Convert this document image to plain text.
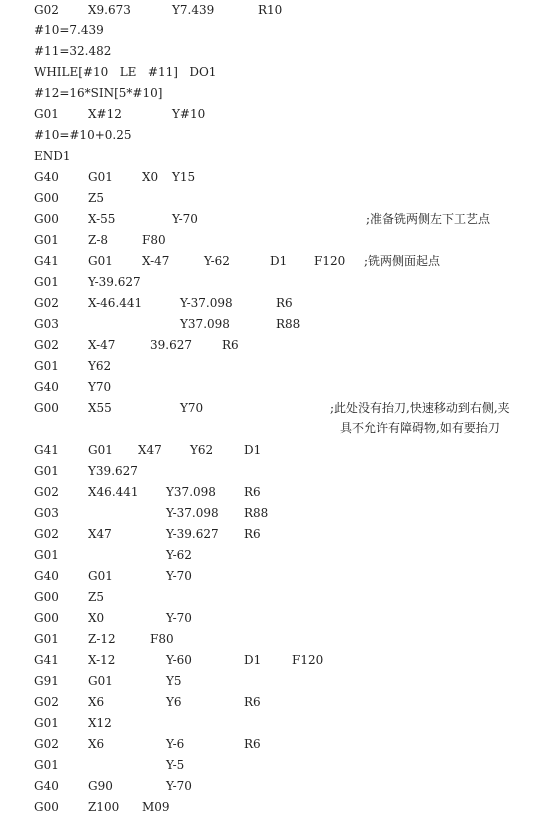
G02 X9.673	Y7.439	R10
#10=7.439
#11=32.482
WHILE[#10   LE   #11]   DO1
#12=16*SIN[5*#10]
G01 X#12	Y#10
#10=#10+0.25
END1
G40 G01 X0 Y15
G00 Z5
G00 X-55	Y-70	;准备铣两侧左下工艺点
G01 Z-8	F80
G41 G01 X-47	Y-62	D1 F120 ;铣两侧面起点
G01 Y-39.627
G02 X-46.441	Y-37.098	R6
G03	Y37.098	R88
G02 X-47	39.627	R6
G01 Y62
G40 Y70
G00 X55	Y70	;此处没有抬刀,快速移动到右侧,夹
具不允许有障碍物,如有要抬刀
G41 G01 X47 Y62	D1
G01 Y39.627
G02 X46.441 Y37.098 R6
G03	Y-37.098 R88
G02 X47	Y-39.627 R6
G01	Y-62
G40 G01	Y-70
G00 Z5
G00 X0	Y-70
G01 Z-12	F80
G41 X-12	Y-60	D1	F120
G91 G01	Y5
G02 X6	Y6	R6
G01 X12
G02 X6	Y-6	R6
G01	Y-5
G40 G90	Y-70
G00 Z100 M09
